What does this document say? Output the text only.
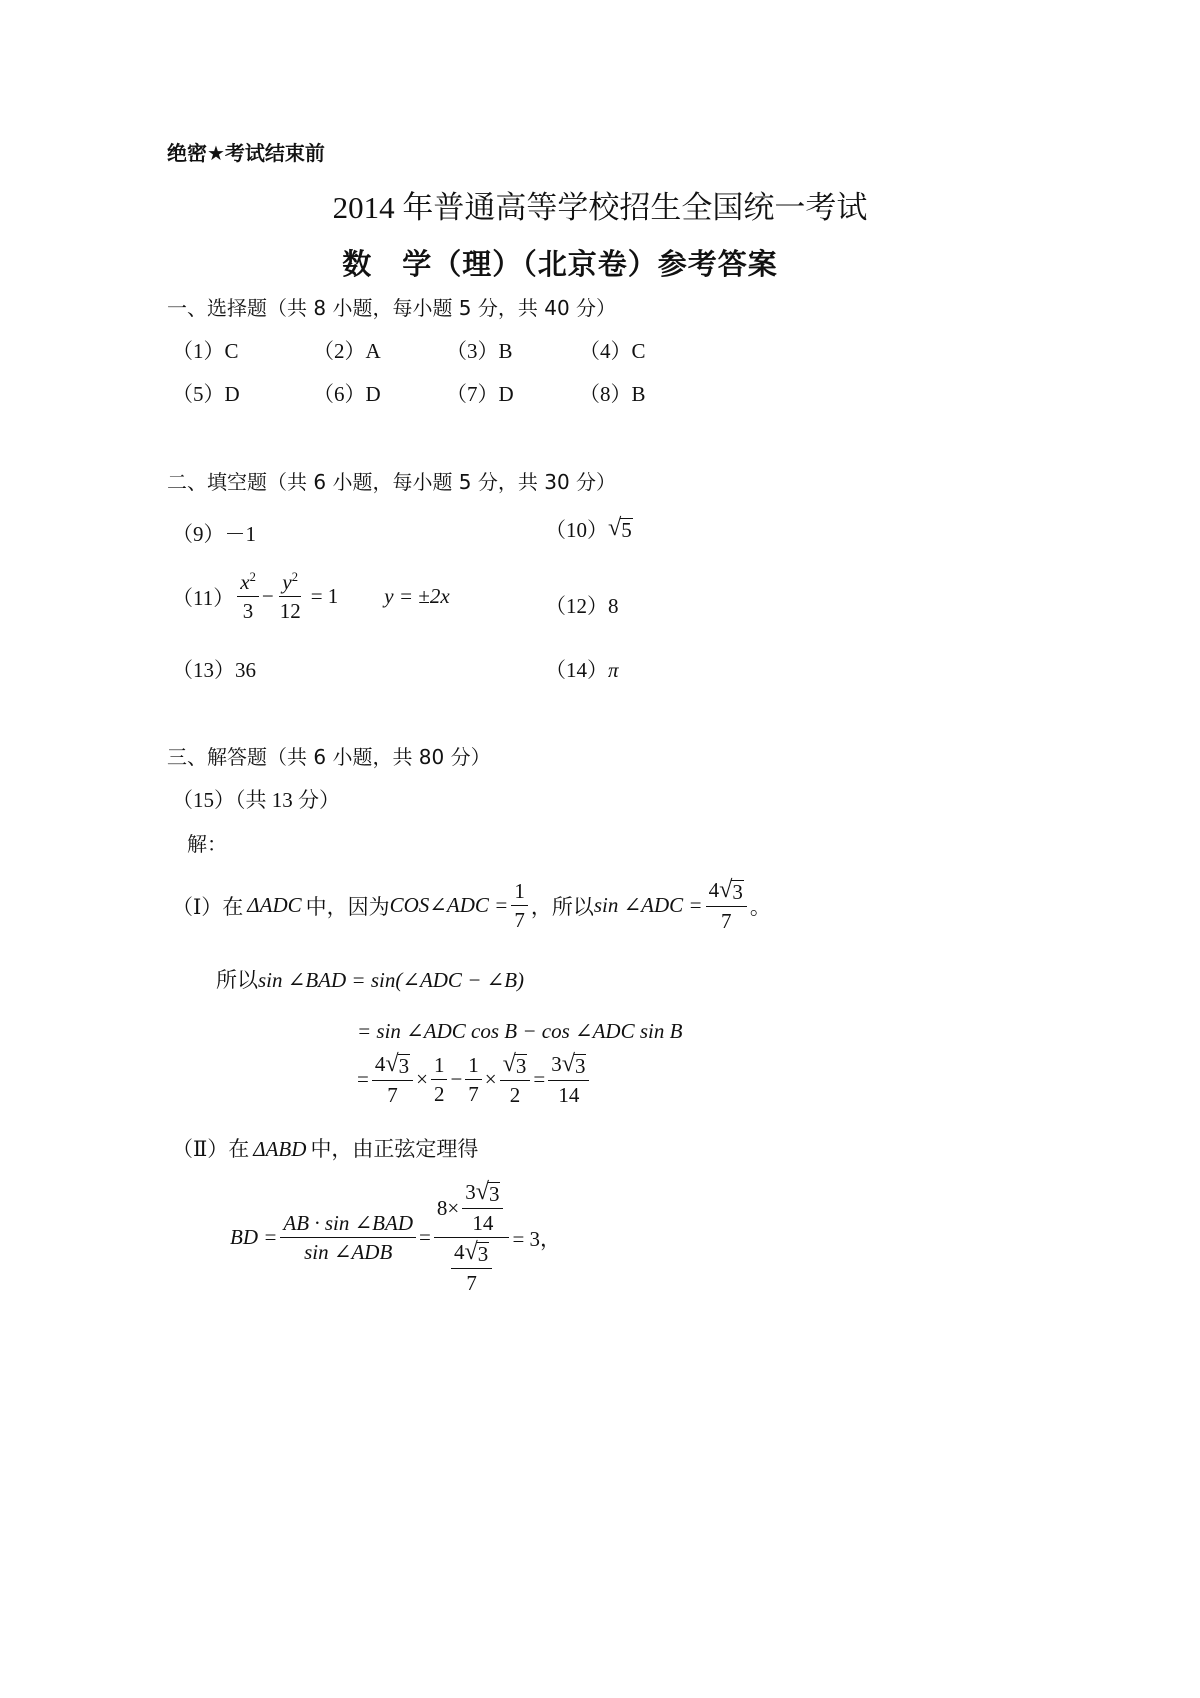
绝密★考试结束前
2014 年普通高等学校招生全国统一考试
数　学（理）（北京卷）参考答案
一、选择题（共 8 小题，每小题 5 分，共 40 分）
（1）C	（2）A	（3）B	（4）C
（5）D	（6）D	（7）D	（8）B
二、填空题（共 6 小题，每小题 5 分，共 30 分）
（9）－1	（10） √ 5
$(11) \frac{x^2}{3} - \frac{y^2}{12} = 1$ y = ±2x	（12）8
（13）36	（14）π
三、解答题（共 6 小题，共 80 分）
（15）（共 13 分）
解：
（Ⅰ）在 ΔADC 中，因为 COS∠ADC = $\frac{1}{7}$ ，所以 sin ∠ADC = $\frac{4 √ 3}{7}$ 。
所以sin ∠BAD = sin(∠ADC − ∠B)
= sin ∠ADC cos B − cos ∠ADC sin B
= $\frac{4 √ 3}{7} \times \frac{1}{2} - \frac{1}{7} \times \frac{√ 3}{2} = \frac{3 √ 3}{14}$
（Ⅱ）在 ΔABD 中，由正弦定理得
BD = $\frac{\text{AB · sin ∠BAD}}{\text{sin ∠ADB}} = \frac{8 \times \frac{3 √ 3}{14}}{\frac{4 √ 3}{7}} = 3$，
